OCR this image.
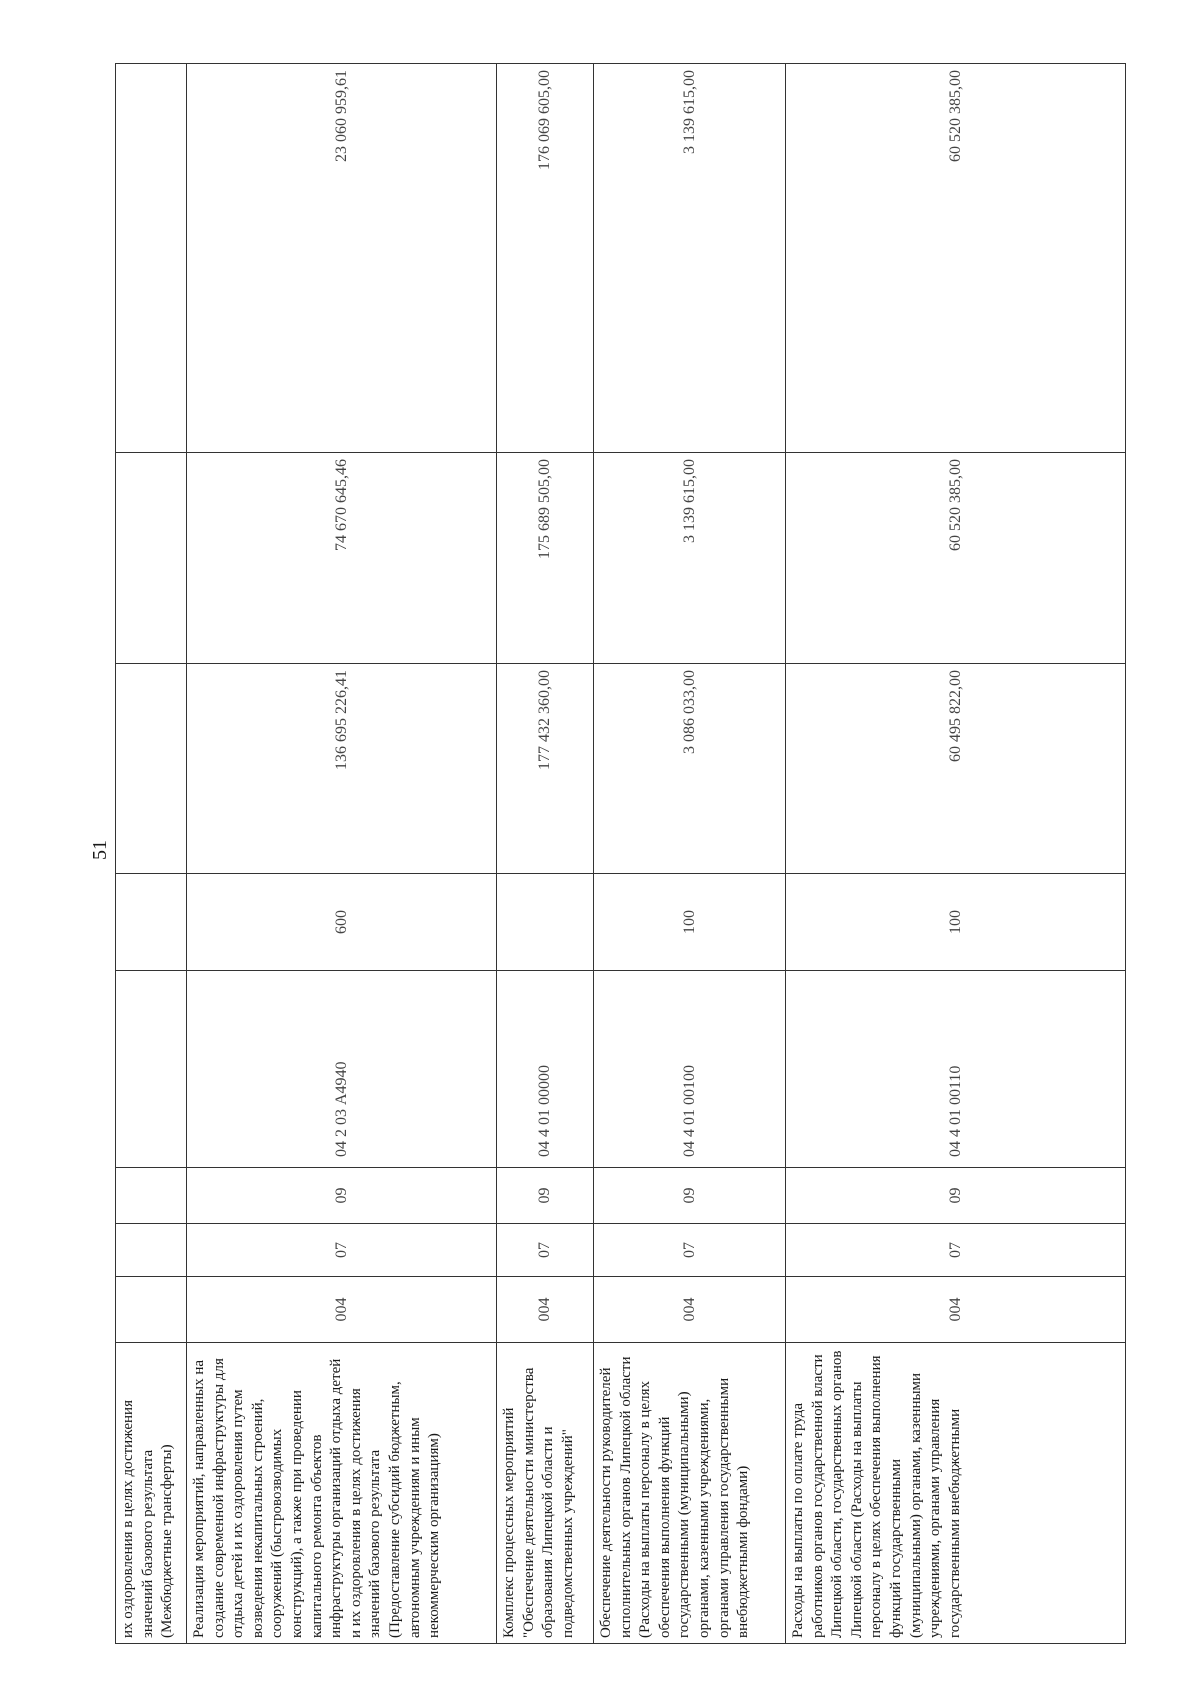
51
их оздоровления в целях достижения значений базового результата (Межбюджетные трансферты)								
Реализация мероприятий, направленных на создание современной инфраструктуры для отдыха детей и их оздоровления путем возведения некапитальных строений, сооружений (быстровозводимых конструкций), а также при проведении капитального ремонта объектов инфраструктуры организаций отдыха детей и их оздоровления в целях достижения значений базового результата (Предоставление субсидий бюджетным, автономным учреждениям и иным некоммерческим организациям)	004	07	09	04 2 03 А4940	600	136 695 226,41	74 670 645,46	23 060 959,61
Комплекс процессных мероприятий "Обеспечение деятельности министерства образования Липецкой области и подведомственных учреждений"	004	07	09	04 4 01 00000		177 432 360,00	175 689 505,00	176 069 605,00
Обеспечение деятельности руководителей исполнительных органов Липецкой области (Расходы на выплаты персоналу в целях обеспечения выполнения функций государственными (муниципальными) органами, казенными учреждениями, органами управления государственными внебюджетными фондами)	004	07	09	04 4 01 00100	100	3 086 033,00	3 139 615,00	3 139 615,00
Расходы на выплаты по оплате труда работников органов государственной власти Липецкой области, государственных органов Липецкой области (Расходы на выплаты персоналу в целях обеспечения выполнения функций государственными (муниципальными) органами, казенными учреждениями, органами управления государственными внебюджетными	004	07	09	04 4 01 00110	100	60 495 822,00	60 520 385,00	60 520 385,00
